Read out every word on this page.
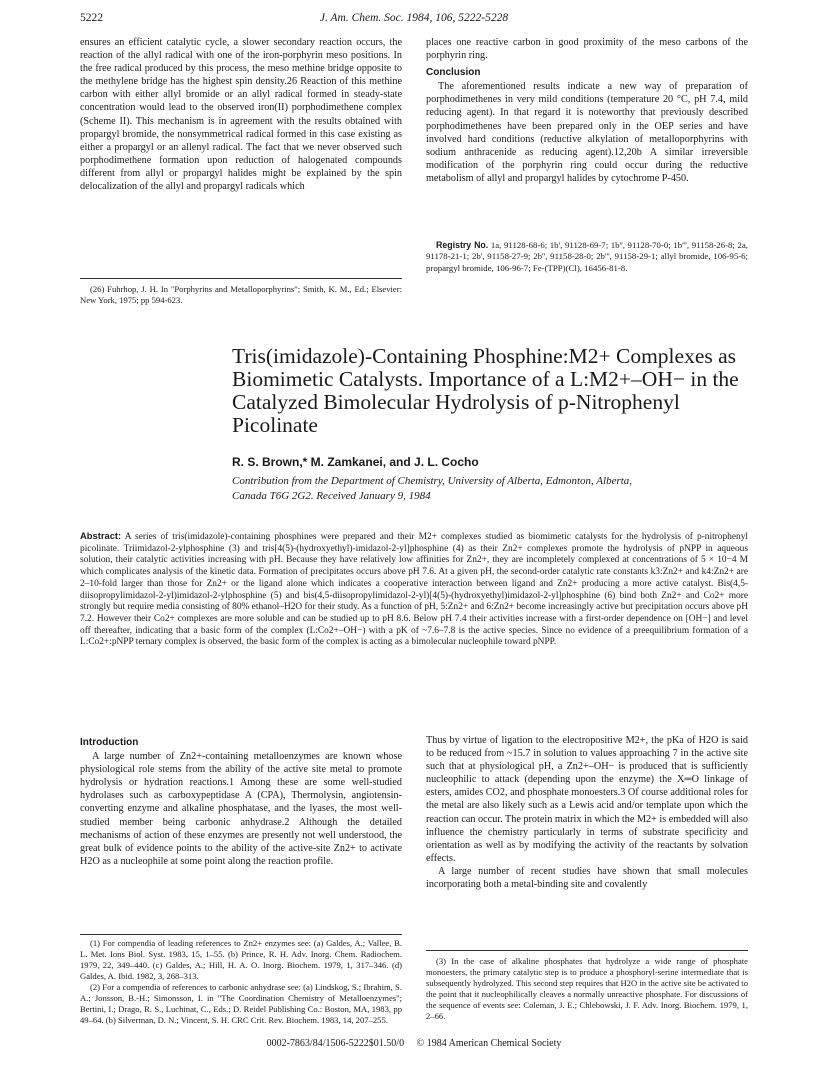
5222	J. Am. Chem. Soc. 1984, 106, 5222-5228

ensures an efficient catalytic cycle, a slower secondary reaction occurs, the reaction of the allyl radical with one of the iron-porphyrin meso positions. In the free radical produced by this process, the meso methine bridge opposite to the methylene bridge has the highest spin density.26 Reaction of this methine carbon with either allyl bromide or an allyl radical formed in steady-state concentration would lead to the observed iron(II) porphodimethene complex (Scheme II). This mechanism is in agreement with the results obtained with propargyl bromide, the nonsymmetrical radical formed in this case existing as either a propargyl or an allenyl radical. The fact that we never observed such porphodimethene formation upon reduction of halogenated compounds different from allyl or propargyl halides might be explained by the spin delocalization of the allyl and propargyl radicals which

(26) Fuhrhop, J. H. In "Porphyrins and Metalloporphyrins"; Smith, K. M., Ed.; Elsevier: New York, 1975; pp 594-623.

places one reactive carbon in good proximity of the meso carbons of the porphyrin ring.

Conclusion

The aforementioned results indicate a new way of preparation of porphodimethenes in very mild conditions (temperature 20 °C, pH 7.4, mild reducing agent). In that regard it is noteworthy that previously described porphodimethenes have been prepared only in the OEP series and have involved hard conditions (reductive alkylation of metalloporphyrins with sodium anthracenide as reducing agent).12,20b A similar irreversible modification of the porphyrin ring could occur during the reductive metabolism of allyl and propargyl halides by cytochrome P-450.

Registry No. 1a, 91128-68-6; 1b', 91128-69-7; 1b'', 91128-70-0; 1b''', 91158-26-8; 2a, 91178-21-1; 2b', 91158-27-9; 2b'', 91158-28-0; 2b''', 91158-29-1; allyl bromide, 106-95-6; propargyl bromide, 106-96-7; Fe-(TPP)(Cl), 16456-81-8.

Tris(imidazole)-Containing Phosphine:M2+ Complexes as
Biomimetic Catalysts. Importance of a L:M2+–OH− in the
Catalyzed Bimolecular Hydrolysis of p-Nitrophenyl
Picolinate
R. S. Brown,* M. Zamkanei, and J. L. Cocho
Contribution from the Department of Chemistry, University of Alberta, Edmonton, Alberta,
Canada T6G 2G2. Received January 9, 1984
Abstract: A series of tris(imidazole)-containing phosphines were prepared and their M2+ complexes studied as biomimetic catalysts for the hydrolysis of p-nitrophenyl picolinate. Triimidazol-2-ylphosphine (3) and tris[4(5)-(hydroxyethyl)-imidazol-2-yl]phosphine (4) as their Zn2+ complexes promote the hydrolysis of pNPP in aqueous solution, their catalytic activities increasing with pH. Because they have relatively low affinities for Zn2+, they are incompletely complexed at concentrations of 5 × 10−4 M which complicates analysis of the kinetic data. Formation of precipitates occurs above pH 7.6. At a given pH, the second-order catalytic rate constants k3:Zn2+ and k4:Zn2+ are 2–10-fold larger than those for Zn2+ or the ligand alone which indicates a cooperative interaction between ligand and Zn2+ producing a more active catalyst. Bis(4,5-diisopropylimidazol-2-yl)imidazol-2-ylphosphine (5) and bis(4,5-diisopropylimidazol-2-yl)[4(5)-(hydroxyethyl)imidazol-2-yl]phosphine (6) bind both Zn2+ and Co2+ more strongly but require media consisting of 80% ethanol–H2O for their study. As a function of pH, 5:Zn2+ and 6:Zn2+ become increasingly active but precipitation occurs above pH 7.2. However their Co2+ complexes are more soluble and can be studied up to pH 8.6. Below pH 7.4 their activities increase with a first-order dependence on [OH−] and level off thereafter, indicating that a basic form of the complex (L:Co2+–OH−) with a pK of ~7.6–7.8 is the active species. Since no evidence of a preequilibrium formation of a L:Co2+:pNPP ternary complex is observed, the basic form of the complex is acting as a bimolecular nucleophile toward pNPP.
Introduction

A large number of Zn2+-containing metalloenzymes are known whose physiological role stems from the ability of the active site metal to promote hydrolysis or hydration reactions.1 Among these are some well-studied hydrolases such as carboxypeptidase A (CPA), Thermolysin, angiotensin-converting enzyme and alkaline phosphatase, and the lyases, the most well-studied member being carbonic anhydrase.2 Although the detailed mechanisms of action of these enzymes are presently not well understood, the great bulk of evidence points to the ability of the active-site Zn2+ to activate H2O as a nucleophile at some point along the reaction profile.

(1) For compendia of leading references to Zn2+ enzymes see: (a) Galdes, A.; Vallee, B. L. Met. Ions Biol. Syst. 1983, 15, 1–55. (b) Prince, R. H. Adv. Inorg. Chem. Radiochem. 1979, 22, 349–440. (c) Galdes, A.; Hill, H. A. O. Inorg. Biochem. 1979, 1, 317–346. (d) Galdes, A. Ibid. 1982, 3, 268–313.

(2) For a compendia of references to carbonic anhydrase see: (a) Lindskog, S.; Ibrahim, S. A.; Jonsson, B.-H.; Simonsson, I. in "The Coordination Chemistry of Metalloenzymes"; Bertini, I.; Drago, R. S., Luchinat, C., Eds.; D. Reidel Publishing Co.: Boston, MA, 1983, pp 49–64. (b) Silverman, D. N.; Vincent, S. H. CRC Crit. Rev. Biochem. 1983, 14, 207–255.

Thus by virtue of ligation to the electropositive M2+, the pKa of H2O is said to be reduced from ~15.7 in solution to values approaching 7 in the active site such that at physiological pH, a Zn2+–OH− is produced that is sufficiently nucleophilic to attack (depending upon the enzyme) the X═O linkage of esters, amides CO2, and phosphate monoesters.3 Of course additional roles for the metal are also likely such as a Lewis acid and/or template upon which the reaction can occur. The protein matrix in which the M2+ is embedded will also influence the chemistry particularly in terms of substrate specificity and orientation as well as by modifying the activity of the reactants by solvation effects.

A large number of recent studies have shown that small molecules incorporating both a metal-binding site and covalently

(3) In the case of alkaline phosphates that hydrolyze a wide range of phosphate monoesters, the primary catalytic step is to produce a phosphoryl-serine intermediate that is subsequently hydrolyzed. This second step requires that H2O in the active site be activated to the point that it nucleophilically cleaves a normally unreactive phosphate. For discussions of the sequence of events see: Coleman, J. E.; Chlebowski, J. F. Adv. Inorg. Biochem. 1979, 1, 2–66.

0002-7863/84/1506-5222$01.50/0 © 1984 American Chemical Society
